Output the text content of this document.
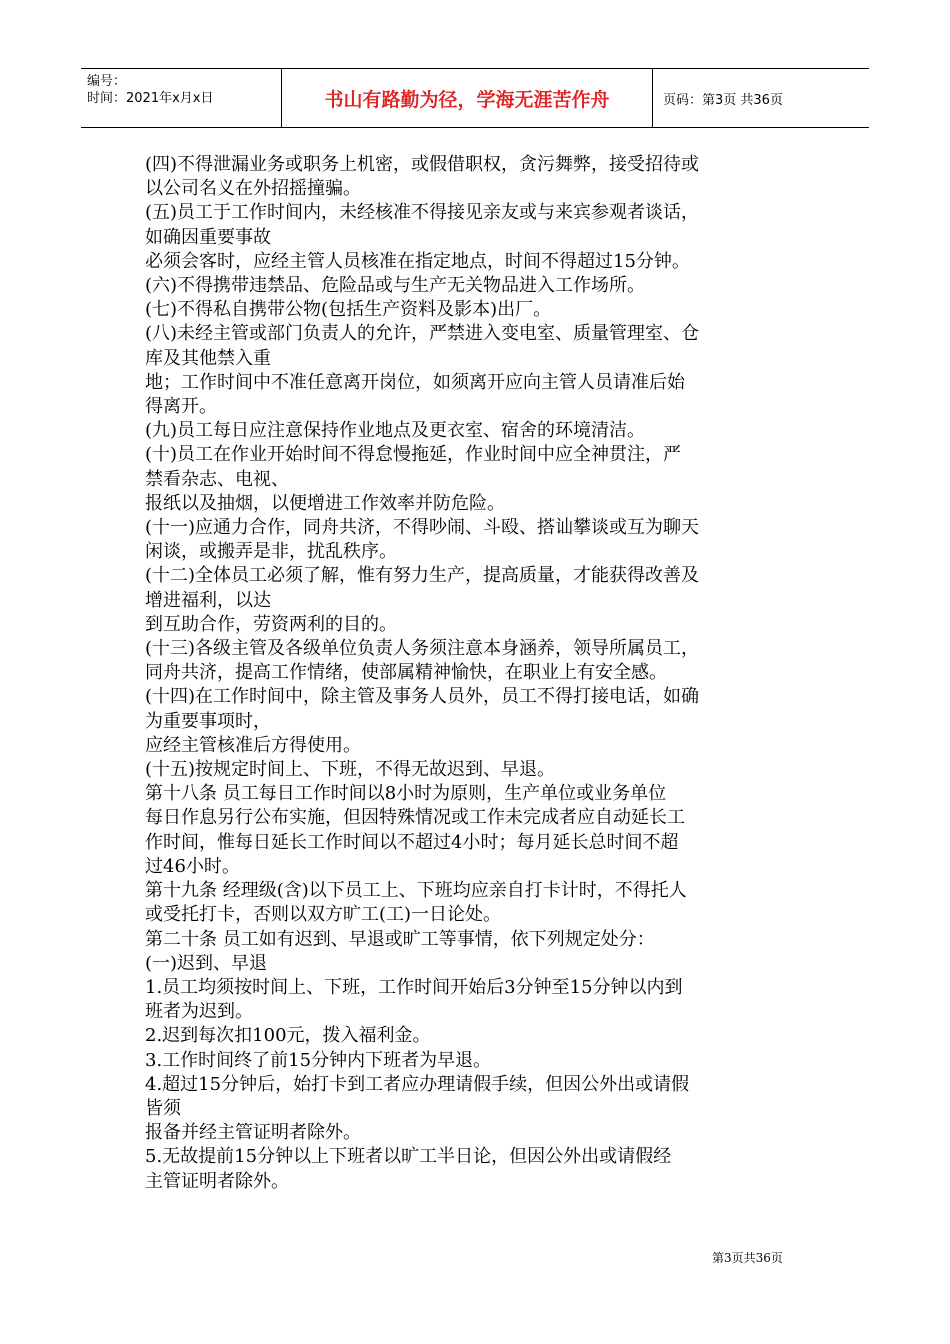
编号：
时间：2021年x月x日	书山有路勤为径，学海无涯苦作舟	页码：第3页 共36页

(四)不得泄漏业务或职务上机密，或假借职权，贪污舞弊，接受招待或

以公司名义在外招摇撞骗。

(五)员工于工作时间内，未经核准不得接见亲友或与来宾参观者谈话，

如确因重要事故

必须会客时，应经主管人员核准在指定地点，时间不得超过15分钟。

(六)不得携带违禁品、危险品或与生产无关物品进入工作场所。

(七)不得私自携带公物(包括生产资料及影本)出厂。

(八)未经主管或部门负责人的允许，严禁进入变电室、质量管理室、仓

库及其他禁入重

地；工作时间中不准任意离开岗位，如须离开应向主管人员请准后始

得离开。

(九)员工每日应注意保持作业地点及更衣室、宿舍的环境清洁。

(十)员工在作业开始时间不得怠慢拖延，作业时间中应全神贯注，严

禁看杂志、电视、

报纸以及抽烟，以便增进工作效率并防危险。

(十一)应通力合作，同舟共济，不得吵闹、斗殴、搭讪攀谈或互为聊天

闲谈，或搬弄是非，扰乱秩序。

(十二)全体员工必须了解，惟有努力生产，提高质量，才能获得改善及

增进福利，以达

到互助合作，劳资两利的目的。

(十三)各级主管及各级单位负责人务须注意本身涵养，领导所属员工，

同舟共济，提高工作情绪，使部属精神愉快，在职业上有安全感。

(十四)在工作时间中，除主管及事务人员外，员工不得打接电话，如确

为重要事项时，

应经主管核准后方得使用。

(十五)按规定时间上、下班，不得无故迟到、早退。

第十八条 员工每日工作时间以8小时为原则，生产单位或业务单位

每日作息另行公布实施，但因特殊情况或工作未完成者应自动延长工

作时间，惟每日延长工作时间以不超过4小时；每月延长总时间不超

过46小时。

第十九条 经理级(含)以下员工上、下班均应亲自打卡计时，不得托人

或受托打卡，否则以双方旷工(工)一日论处。

第二十条 员工如有迟到、早退或旷工等事情，依下列规定处分：

(一)迟到、早退

1.员工均须按时间上、下班，工作时间开始后3分钟至15分钟以内到

班者为迟到。

2.迟到每次扣100元，拨入福利金。

3.工作时间终了前15分钟内下班者为早退。

4.超过15分钟后，始打卡到工者应办理请假手续，但因公外出或请假

皆须

报备并经主管证明者除外。

5.无故提前15分钟以上下班者以旷工半日论，但因公外出或请假经

主管证明者除外。

第3页共36页
